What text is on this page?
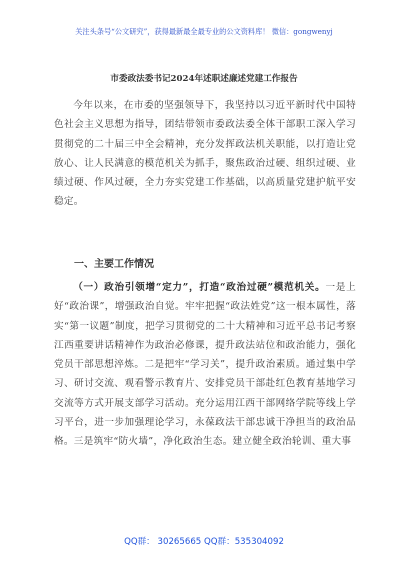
关注头条号“公文研究”，获得最新最全最专业的公文资料库！ 微信：gongwenyj
市委政法委书记2024年述职述廉述党建工作报告
今年以来，在市委的坚强领导下，我坚持以习近平新时代中国特色社会主义思想为指导，团结带领市委政法委全体干部职工深入学习贯彻党的二十届三中全会精神，充分发挥政法机关职能，以打造让党放心、让人民满意的模范机关为抓手，聚焦政治过硬、组织过硬、业绩过硬、作风过硬，全力夯实党建工作基础，以高质量党建护航平安稳定。
一、主要工作情况
（一）政治引领增“定力”，打造“政治过硬”模范机关。一是上好“政治课”，增强政治自觉。牢牢把握“政法姓党”这一根本属性，落实“第一议题”制度，把学习贯彻党的二十大精神和习近平总书记考察江西重要讲话精神作为政治必修课，提升政法站位和政治能力，强化党员干部思想淬炼。二是把牢“学习关”，提升政治素质。通过集中学习、研讨交流、观看警示教育片、安排党员干部赴红色教育基地学习交流等方式开展支部学习活动。充分运用江西干部网络学院等线上学习平台，进一步加强理论学习，永葆政法干部忠诚干净担当的政治品格。三是筑牢“防火墙”，净化政治生态。建立健全政治轮训、重大事
QQ群： 30265665 QQ群：535304092
